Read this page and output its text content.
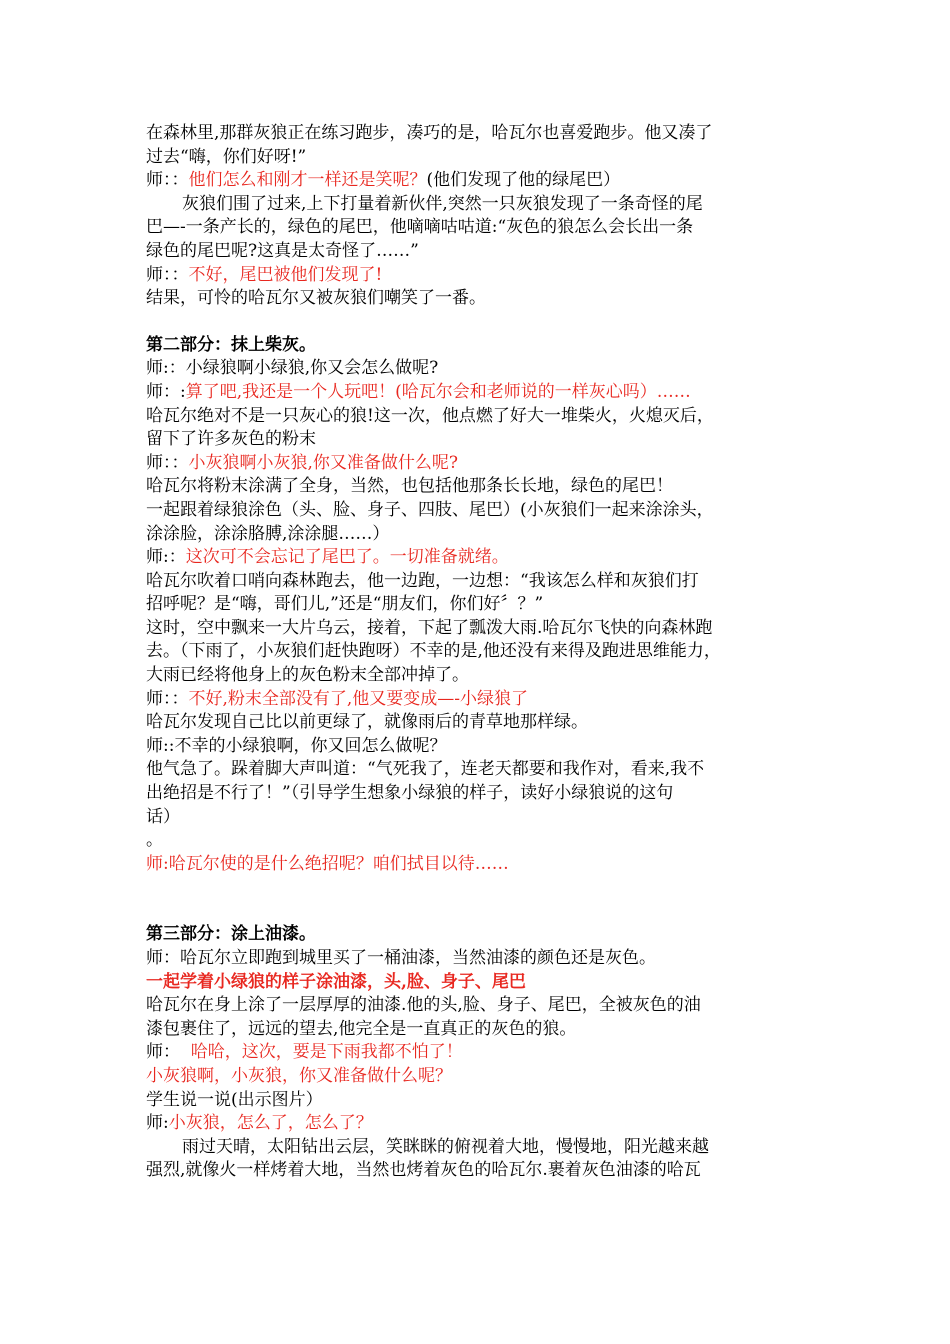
在森林里,那群灰狼正在练习跑步，凑巧的是，哈瓦尔也喜爱跑步。他又凑了
过去“嗨，你们好呀!”
师：：他们怎么和刚才一样还是笑呢？(他们发现了他的绿尾巴）
灰狼们围了过来,上下打量着新伙伴,突然一只灰狼发现了一条奇怪的尾
巴—-一条产长的，绿色的尾巴，他嘀嘀咕咕道:“灰色的狼怎么会长出一条
绿色的尾巴呢?这真是太奇怪了……”
师：：不好，尾巴被他们发现了!
结果，可怜的哈瓦尔又被灰狼们嘲笑了一番。
第二部分：抹上柴灰。
师:：小绿狼啊小绿狼,你又会怎么做呢?
师：:算了吧,我还是一个人玩吧！(哈瓦尔会和老师说的一样灰心吗）……
哈瓦尔绝对不是一只灰心的狼!这一次，他点燃了好大一堆柴火，火熄灭后，
留下了许多灰色的粉末
师：：小灰狼啊小灰狼,你又准备做什么呢?
哈瓦尔将粉末涂满了全身，当然，也包括他那条长长地，绿色的尾巴！
一起跟着绿狼涂色（头、脸、身子、四肢、尾巴）(小灰狼们一起来涂涂头，
涂涂脸，涂涂胳膊,涂涂腿……）
师:：这次可不会忘记了尾巴了。一切准备就绪。
哈瓦尔吹着口哨向森林跑去，他一边跑，一边想：“我该怎么样和灰狼们打
招呼呢？是“嗨，哥们儿,”还是“朋友们，你们好〞？”
这时，空中飘来一大片乌云，接着，下起了瓢泼大雨.哈瓦尔飞快的向森林跑
去。（下雨了，小灰狼们赶快跑呀）不幸的是,他还没有来得及跑进思维能力，
大雨已经将他身上的灰色粉末全部冲掉了。
师：：不好,粉末全部没有了,他又要变成—-小绿狼了
哈瓦尔发现自己比以前更绿了，就像雨后的青草地那样绿。
师::不幸的小绿狼啊，你又回怎么做呢？
他气急了。跺着脚大声叫道：“气死我了，连老天都要和我作对，看来,我不
出绝招是不行了！”（引导学生想象小绿狼的样子，读好小绿狼说的这句
话）
。
师:哈瓦尔使的是什么绝招呢？咱们拭目以待……
第三部分：涂上油漆。
师：哈瓦尔立即跑到城里买了一桶油漆，当然油漆的颜色还是灰色。
一起学着小绿狼的样子涂油漆，头,脸、身子、尾巴
哈瓦尔在身上涂了一层厚厚的油漆.他的头,脸、身子、尾巴，全被灰色的油
漆包裹住了，远远的望去,他完全是一直真正的灰色的狼。
师：  哈哈，这次，要是下雨我都不怕了！
小灰狼啊，小灰狼，你又准备做什么呢？
学生说一说(出示图片）
师:小灰狼，怎么了，怎么了？
雨过天晴，太阳钻出云层，笑眯眯的俯视着大地，慢慢地，阳光越来越
强烈,就像火一样烤着大地，当然也烤着灰色的哈瓦尔.裹着灰色油漆的哈瓦
